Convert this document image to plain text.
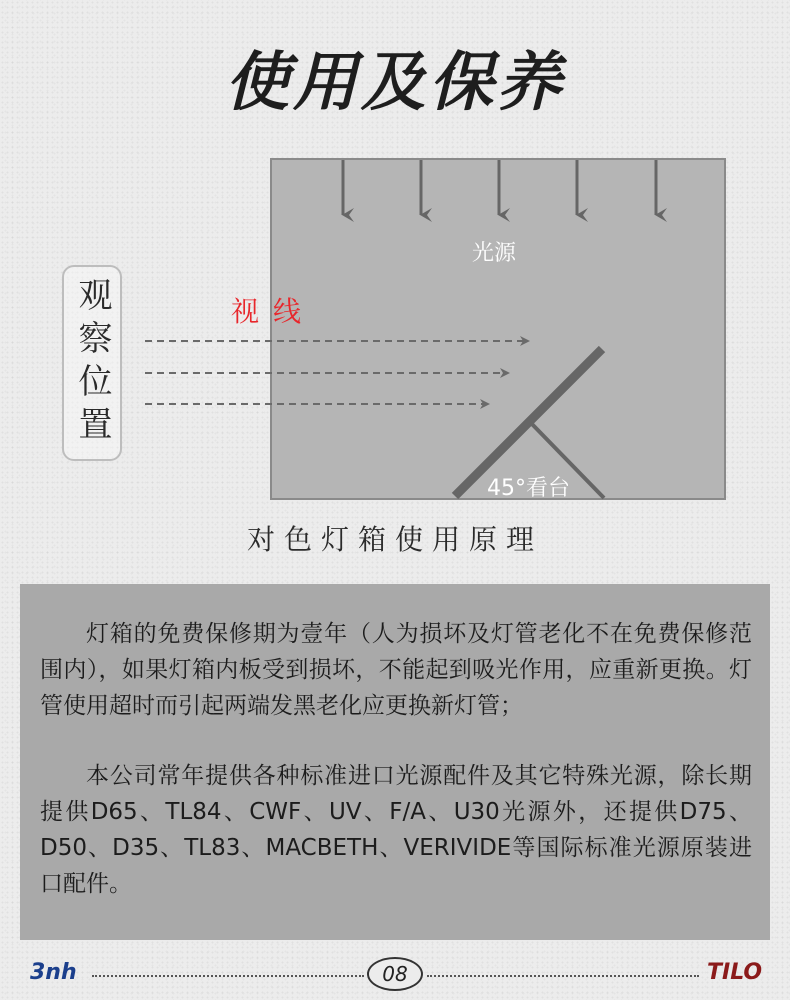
使用及保养
光源
45°看台
视线
观察位置
对色灯箱使用原理

灯箱的免费保修期为壹年（人为损坏及灯管老化不在免费保修范围内），如果灯箱内板受到损坏，不能起到吸光作用，应重新更换。灯管使用超时而引起两端发黑老化应更换新灯管；

本公司常年提供各种标准进口光源配件及其它特殊光源，除长期提供D65、TL84、CWF、UV、F/A、U30光源外，还提供D75、D50、D35、TL83、MACBETH、VERIVIDE等国际标准光源原装进口配件。

3nh	08	TILO
